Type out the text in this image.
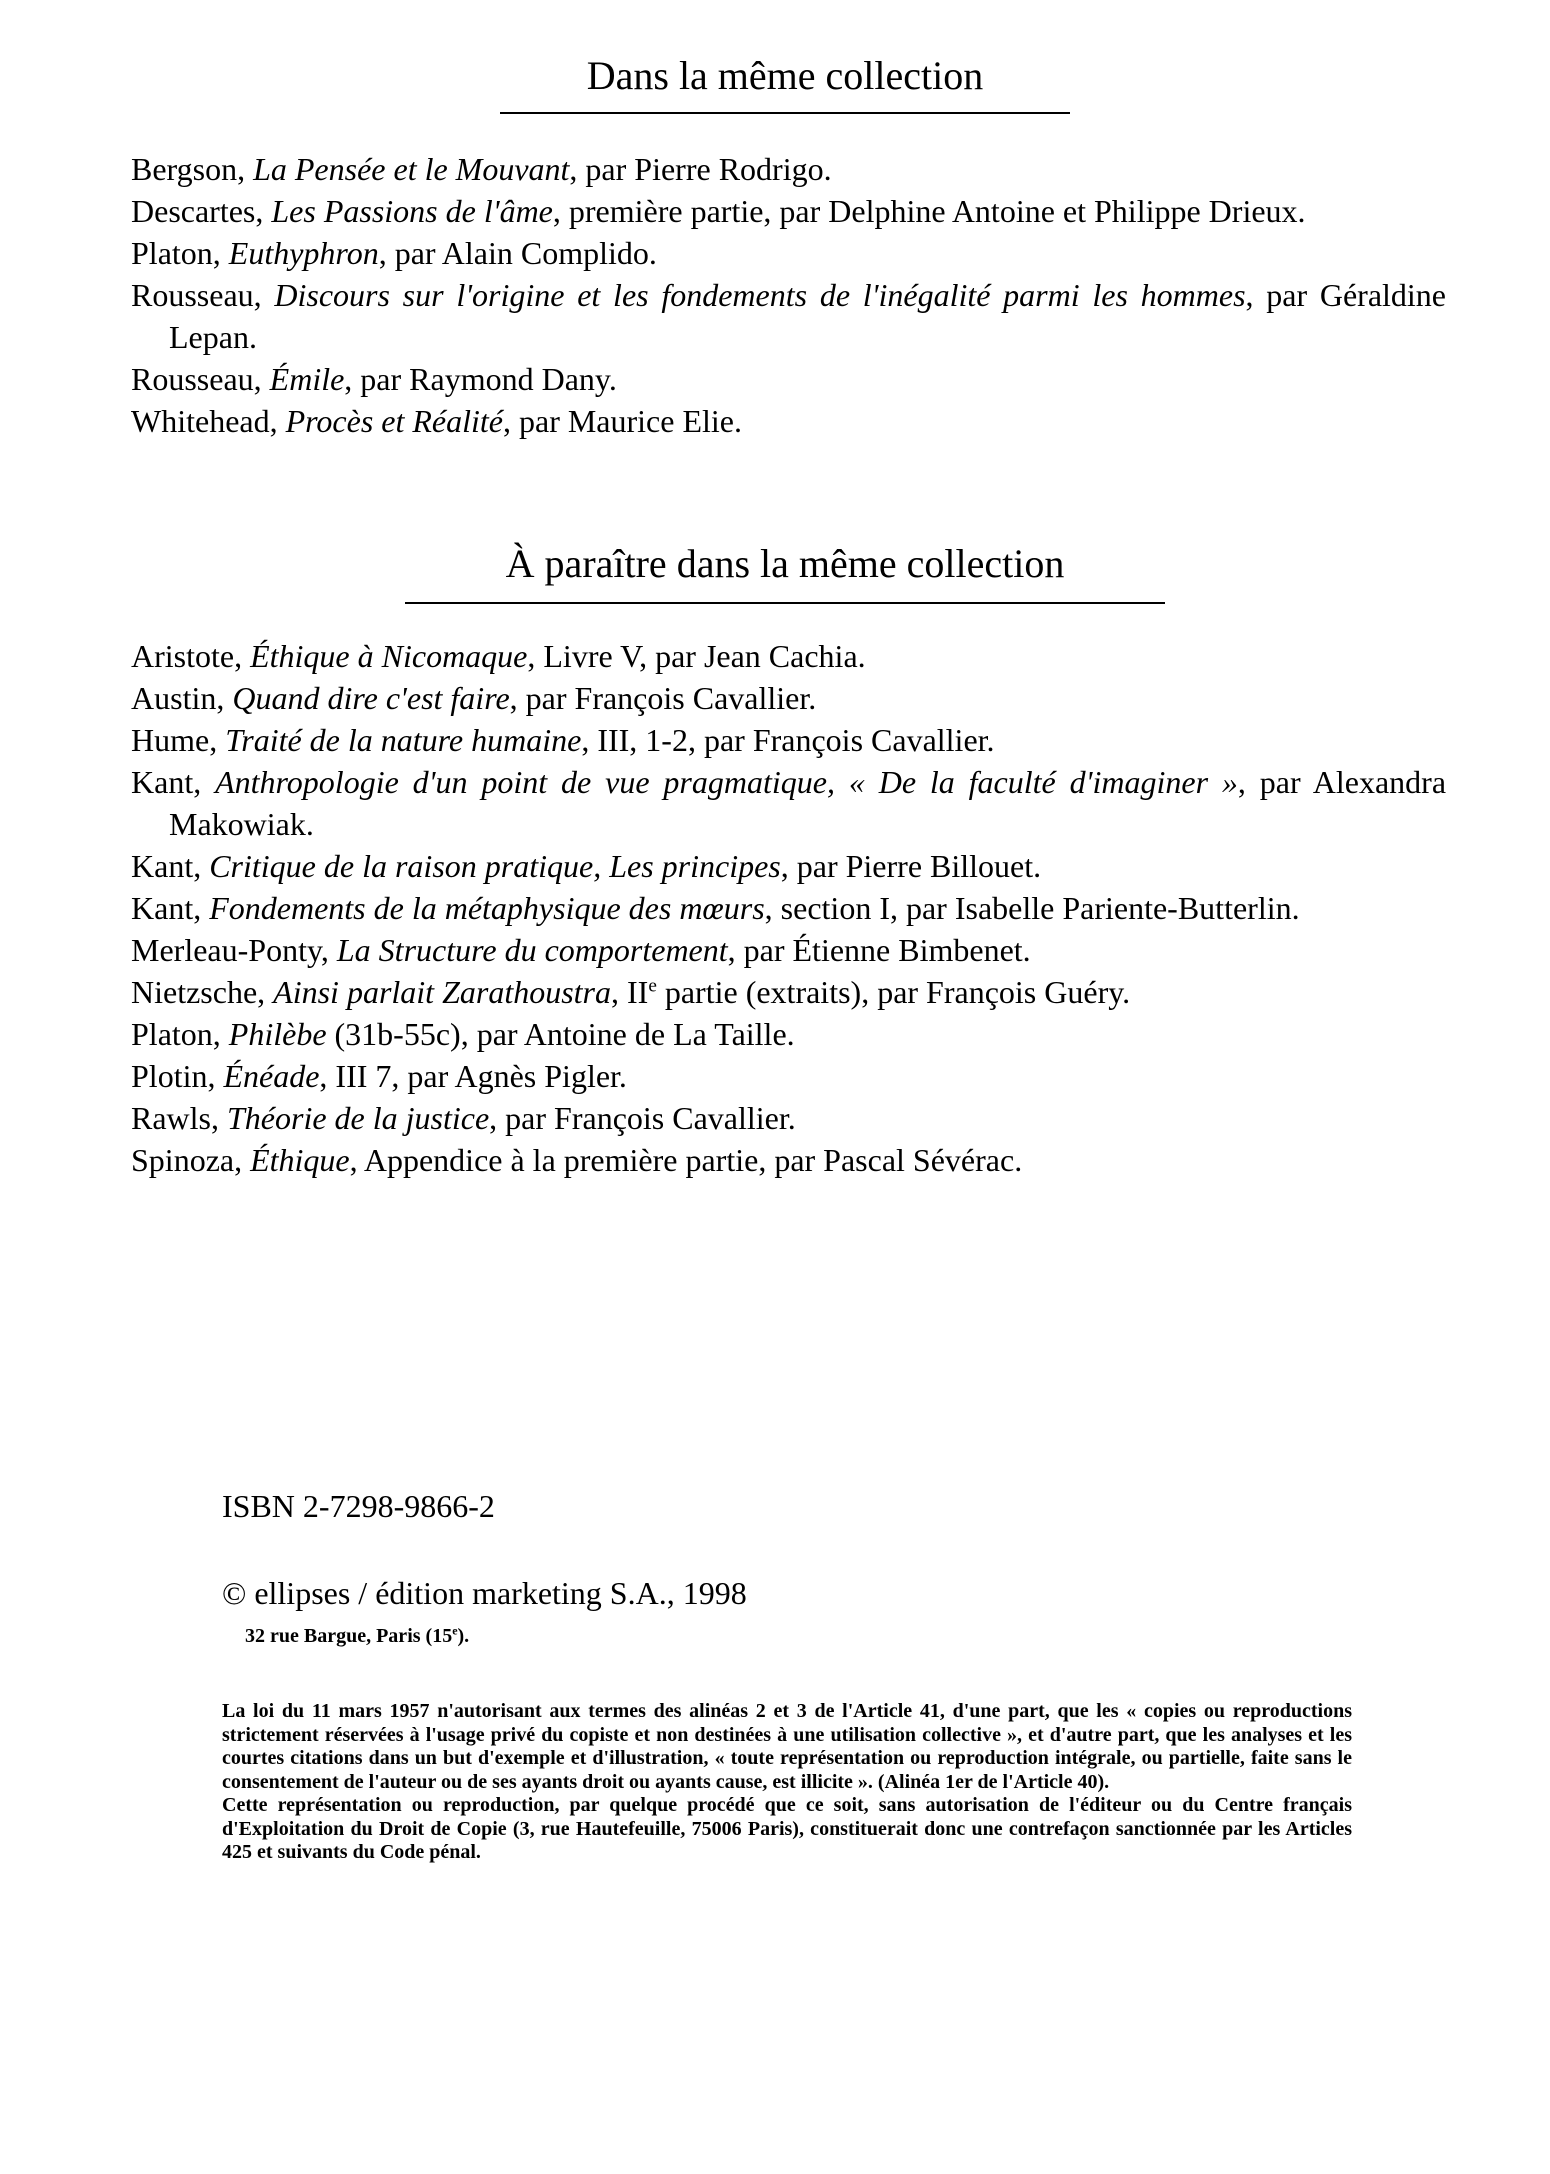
Dans la même collection
Bergson, La Pensée et le Mouvant, par Pierre Rodrigo.
Descartes, Les Passions de l'âme, première partie, par Delphine Antoine et Philippe Drieux.
Platon, Euthyphron, par Alain Complido.
Rousseau, Discours sur l'origine et les fondements de l'inégalité parmi les hommes, par Géraldine Lepan.
Rousseau, Émile, par Raymond Dany.
Whitehead, Procès et Réalité, par Maurice Elie.
À paraître dans la même collection
Aristote, Éthique à Nicomaque, Livre V, par Jean Cachia.
Austin, Quand dire c'est faire, par François Cavallier.
Hume, Traité de la nature humaine, III, 1-2, par François Cavallier.
Kant, Anthropologie d'un point de vue pragmatique, « De la faculté d'imaginer », par Alexandra Makowiak.
Kant, Critique de la raison pratique, Les principes, par Pierre Billouet.
Kant, Fondements de la métaphysique des mœurs, section I, par Isabelle Pariente-Butterlin.
Merleau-Ponty, La Structure du comportement, par Étienne Bimbenet.
Nietzsche, Ainsi parlait Zarathoustra, IIe partie (extraits), par François Guéry.
Platon, Philèbe (31b-55c), par Antoine de La Taille.
Plotin, Énéade, III 7, par Agnès Pigler.
Rawls, Théorie de la justice, par François Cavallier.
Spinoza, Éthique, Appendice à la première partie, par Pascal Sévérac.
ISBN 2-7298-9866-2
© ellipses / édition marketing S.A., 1998
32 rue Bargue, Paris (15e).

La loi du 11 mars 1957 n'autorisant aux termes des alinéas 2 et 3 de l'Article 41, d'une part, que les « copies ou reproductions strictement réservées à l'usage privé du copiste et non destinées à une utilisation collective », et d'autre part, que les analyses et les courtes citations dans un but d'exemple et d'illustration, « toute représentation ou reproduction intégrale, ou partielle, faite sans le consentement de l'auteur ou de ses ayants droit ou ayants cause, est illicite ». (Alinéa 1er de l'Article 40).

Cette représentation ou reproduction, par quelque procédé que ce soit, sans autorisation de l'éditeur ou du Centre français d'Exploitation du Droit de Copie (3, rue Hautefeuille, 75006 Paris), constituerait donc une contrefaçon sanctionnée par les Articles 425 et suivants du Code pénal.
